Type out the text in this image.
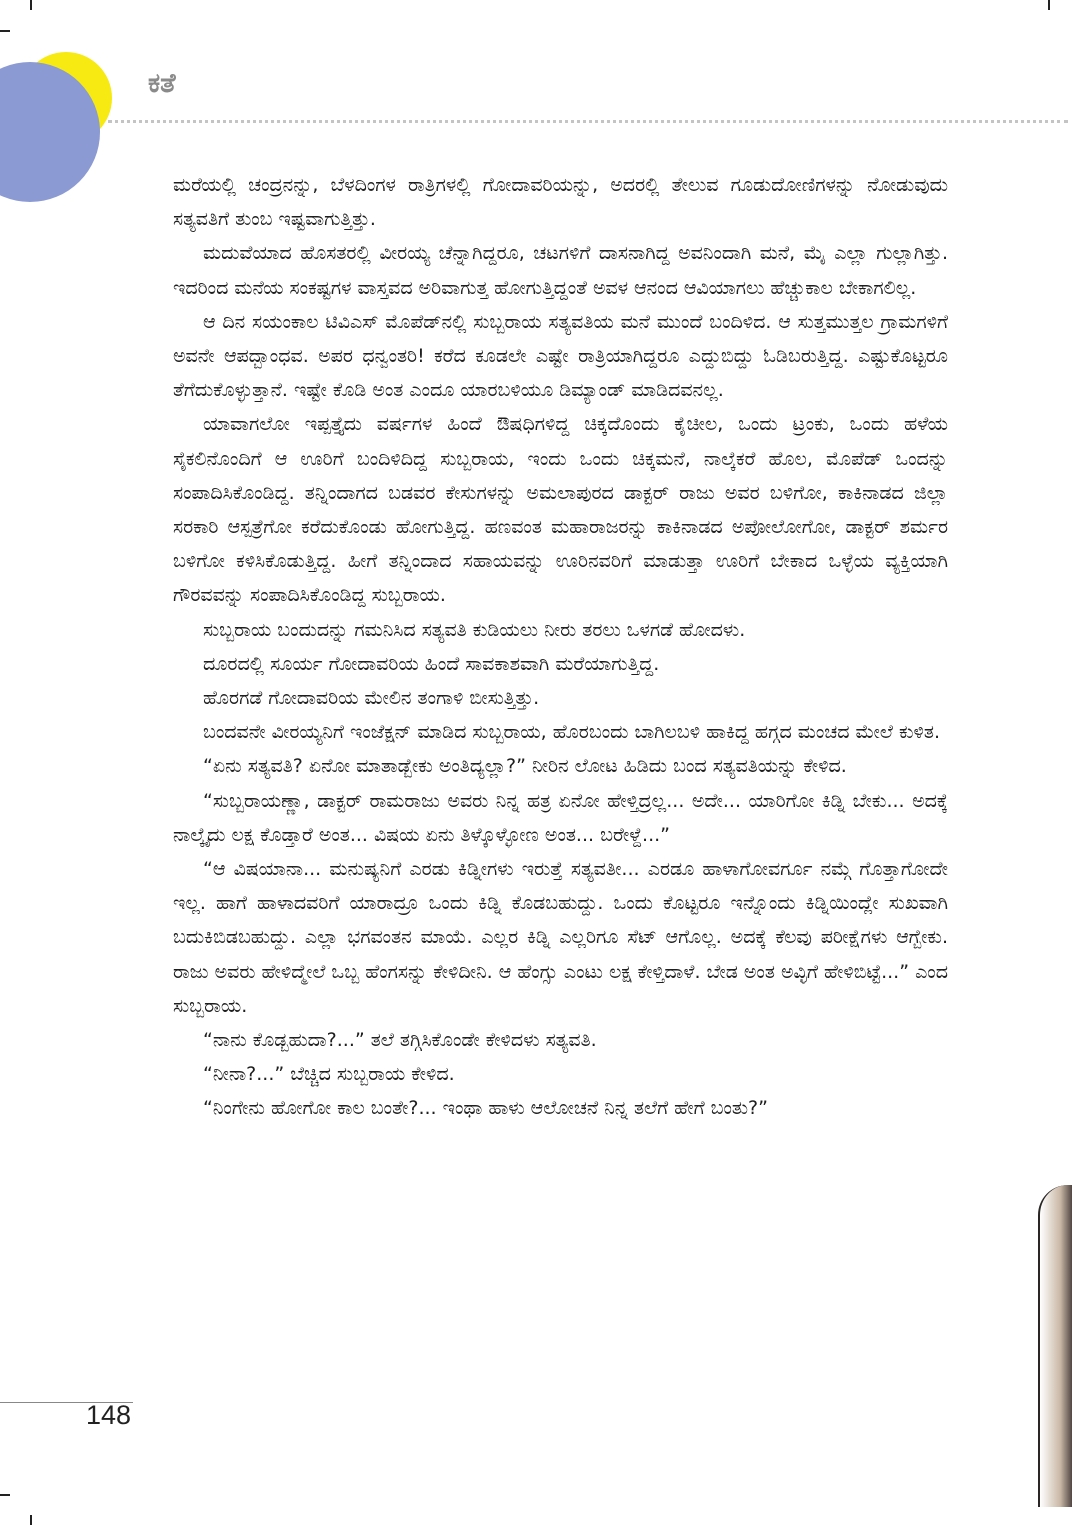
ಕತೆ

ಮರೆಯಲ್ಲಿ ಚಂದ್ರನನ್ನು, ಬೆಳದಿಂಗಳ ರಾತ್ರಿಗಳಲ್ಲಿ ಗೋದಾವರಿಯನ್ನು, ಅದರಲ್ಲಿ ತೇಲುವ ಗೂಡುದೋಣಿಗಳನ್ನು ನೋಡುವುದು ಸತ್ಯವತಿಗೆ ತುಂಬ ಇಷ್ಟವಾಗುತ್ತಿತ್ತು.

ಮದುವೆಯಾದ ಹೊಸತರಲ್ಲಿ ವೀರಯ್ಯ ಚೆನ್ನಾಗಿದ್ದರೂ, ಚಟಗಳಿಗೆ ದಾಸನಾಗಿದ್ದ ಅವನಿಂದಾಗಿ ಮನೆ, ಮೈ ಎಲ್ಲಾ ಗುಲ್ಲಾಗಿತ್ತು. ಇದರಿಂದ ಮನೆಯ ಸಂಕಷ್ಟಗಳ ವಾಸ್ತವದ ಅರಿವಾಗುತ್ತ ಹೋಗುತ್ತಿದ್ದಂತೆ ಅವಳ ಆನಂದ ಆವಿಯಾಗಲು ಹೆಚ್ಚುಕಾಲ ಬೇಕಾಗಲಿಲ್ಲ.

ಆ ದಿನ ಸಯಂಕಾಲ ಟಿವಿಎಸ್ ಮೊಪೆಡ್‌ನಲ್ಲಿ ಸುಬ್ಬರಾಯ ಸತ್ಯವತಿಯ ಮನೆ ಮುಂದೆ ಬಂದಿಳಿದ. ಆ ಸುತ್ತಮುತ್ತಲ ಗ್ರಾಮಗಳಿಗೆ ಅವನೇ ಆಪದ್ಬಾಂಧವ. ಅಪರ ಧನ್ವಂತರಿ! ಕರೆದ ಕೂಡಲೇ ಎಷ್ಟೇ ರಾತ್ರಿಯಾಗಿದ್ದರೂ ಎದ್ದುಬಿದ್ದು ಓಡಿಬರುತ್ತಿದ್ದ. ಎಷ್ಟುಕೊಟ್ಟರೂ ತೆಗೆದುಕೊಳ್ಳುತ್ತಾನೆ. ಇಷ್ಟೇ ಕೊಡಿ ಅಂತ ಎಂದೂ ಯಾರಬಳಿಯೂ ಡಿಮ್ಯಾಂಡ್ ಮಾಡಿದವನಲ್ಲ.

ಯಾವಾಗಲೋ ಇಪ್ಪತ್ತೈದು ವರ್ಷಗಳ ಹಿಂದೆ ಔಷಧಿಗಳಿದ್ದ ಚಿಕ್ಕದೊಂದು ಕೈಚೀಲ, ಒಂದು ಟ್ರಂಕು, ಒಂದು ಹಳೆಯ ಸೈಕಲಿನೊಂದಿಗೆ ಆ ಊರಿಗೆ ಬಂದಿಳಿದಿದ್ದ ಸುಬ್ಬರಾಯ, ಇಂದು ಒಂದು ಚಿಕ್ಕಮನೆ, ನಾಲ್ಕೆಕರೆ ಹೊಲ, ಮೊಪೆಡ್ ಒಂದನ್ನು ಸಂಪಾದಿಸಿಕೊಂಡಿದ್ದ. ತನ್ನಿಂದಾಗದ ಬಡವರ ಕೇಸುಗಳನ್ನು ಅಮಲಾಪುರದ ಡಾಕ್ಟರ್ ರಾಜು ಅವರ ಬಳಿಗೋ, ಕಾಕಿನಾಡದ ಜಿಲ್ಲಾ ಸರಕಾರಿ ಆಸ್ಪತ್ರೆಗೋ ಕರೆದುಕೊಂಡು ಹೋಗುತ್ತಿದ್ದ. ಹಣವಂತ ಮಹಾರಾಜರನ್ನು ಕಾಕಿನಾಡದ ಅಪೋಲೋಗೋ, ಡಾಕ್ಟರ್ ಶರ್ಮರ ಬಳಿಗೋ ಕಳಿಸಿಕೊಡುತ್ತಿದ್ದ. ಹೀಗೆ ತನ್ನಿಂದಾದ ಸಹಾಯವನ್ನು ಊರಿನವರಿಗೆ ಮಾಡುತ್ತಾ ಊರಿಗೆ ಬೇಕಾದ ಒಳ್ಳೆಯ ವ್ಯಕ್ತಿಯಾಗಿ ಗೌರವವನ್ನು ಸಂಪಾದಿಸಿಕೊಂಡಿದ್ದ ಸುಬ್ಬರಾಯ.

ಸುಬ್ಬರಾಯ ಬಂದುದನ್ನು ಗಮನಿಸಿದ ಸತ್ಯವತಿ ಕುಡಿಯಲು ನೀರು ತರಲು ಒಳಗಡೆ ಹೋದಳು.

ದೂರದಲ್ಲಿ ಸೂರ್ಯ ಗೋದಾವರಿಯ ಹಿಂದೆ ಸಾವಕಾಶವಾಗಿ ಮರೆಯಾಗುತ್ತಿದ್ದ.

ಹೊರಗಡೆ ಗೋದಾವರಿಯ ಮೇಲಿನ ತಂಗಾಳಿ ಬೀಸುತ್ತಿತ್ತು.

ಬಂದವನೇ ವೀರಯ್ಯನಿಗೆ ಇಂಜೆಕ್ಷನ್ ಮಾಡಿದ ಸುಬ್ಬರಾಯ, ಹೊರಬಂದು ಬಾಗಿಲಬಳಿ ಹಾಕಿದ್ದ ಹಗ್ಗದ ಮಂಚದ ಮೇಲೆ ಕುಳಿತ.

“ಏನು ಸತ್ಯವತಿ? ಏನೋ ಮಾತಾಡ್ಬೇಕು ಅಂತಿದ್ಯಲ್ಲಾ?” ನೀರಿನ ಲೋಟ ಹಿಡಿದು ಬಂದ ಸತ್ಯವತಿಯನ್ನು ಕೇಳಿದ.

“ಸುಬ್ಬರಾಯಣ್ಣಾ, ಡಾಕ್ಟರ್ ರಾಮರಾಜು ಅವರು ನಿನ್ನ ಹತ್ರ ಏನೋ ಹೇಳ್ತಿದ್ರಲ್ಲ... ಅದೇ... ಯಾರಿಗೋ ಕಿಡ್ನಿ ಬೇಕು... ಅದಕ್ಕೆ ನಾಲ್ಕೈದು ಲಕ್ಷ ಕೊಡ್ತಾರೆ ಅಂತ... ವಿಷಯ ಏನು ತಿಳ್ಕೊಳ್ಳೋಣ ಅಂತ... ಬರೇಳ್ದೆ...”

“ಆ ವಿಷಯಾನಾ... ಮನುಷ್ಯನಿಗೆ ಎರಡು ಕಿಡ್ನೀಗಳು ಇರುತ್ತೆ ಸತ್ಯವತೀ... ಎರಡೂ ಹಾಳಾಗೋವರ್ಗೂ ನಮ್ಗೆ ಗೊತ್ತಾಗೋದೇ ಇಲ್ಲ. ಹಾಗೆ ಹಾಳಾದವರಿಗೆ ಯಾರಾದ್ರೂ ಒಂದು ಕಿಡ್ನಿ ಕೊಡಬಹುದ್ದು. ಒಂದು ಕೊಟ್ಟರೂ ಇನ್ನೊಂದು ಕಿಡ್ನಿಯಿಂದ್ಲೇ ಸುಖವಾಗಿ ಬದುಕಿಬಿಡಬಹುದ್ದು. ಎಲ್ಲಾ ಭಗವಂತನ ಮಾಯೆ. ಎಲ್ಲರ ಕಿಡ್ನಿ ಎಲ್ಲರಿಗೂ ಸೆಟ್ ಆಗೊಲ್ಲ. ಅದಕ್ಕೆ ಕೆಲವು ಪರೀಕ್ಷೆಗಳು ಆಗ್ಬೇಕು. ರಾಜು ಅವರು ಹೇಳಿದ್ಮೇಲೆ ಒಬ್ಬ ಹೆಂಗಸನ್ನು ಕೇಳಿದೀನಿ. ಆ ಹೆಂಗ್ಸು ಎಂಟು ಲಕ್ಷ ಕೇಳ್ತಿದಾಳೆ. ಬೇಡ ಅಂತ ಅವ್ಳಿಗೆ ಹೇಳಿಬಿಟ್ಟೆ...” ಎಂದ ಸುಬ್ಬರಾಯ.

“ನಾನು ಕೊಡ್ಬಹುದಾ?...” ತಲೆ ತಗ್ಗಿಸಿಕೊಂಡೇ ಕೇಳಿದಳು ಸತ್ಯವತಿ.

“ನೀನಾ?...” ಬೆಚ್ಚಿದ ಸುಬ್ಬರಾಯ ಕೇಳಿದ.

“ನಿಂಗೇನು ಹೋಗೋ ಕಾಲ ಬಂತೇ?... ಇಂಥಾ ಹಾಳು ಆಲೋಚನೆ ನಿನ್ನ ತಲೆಗೆ ಹೇಗೆ ಬಂತು?”

148
